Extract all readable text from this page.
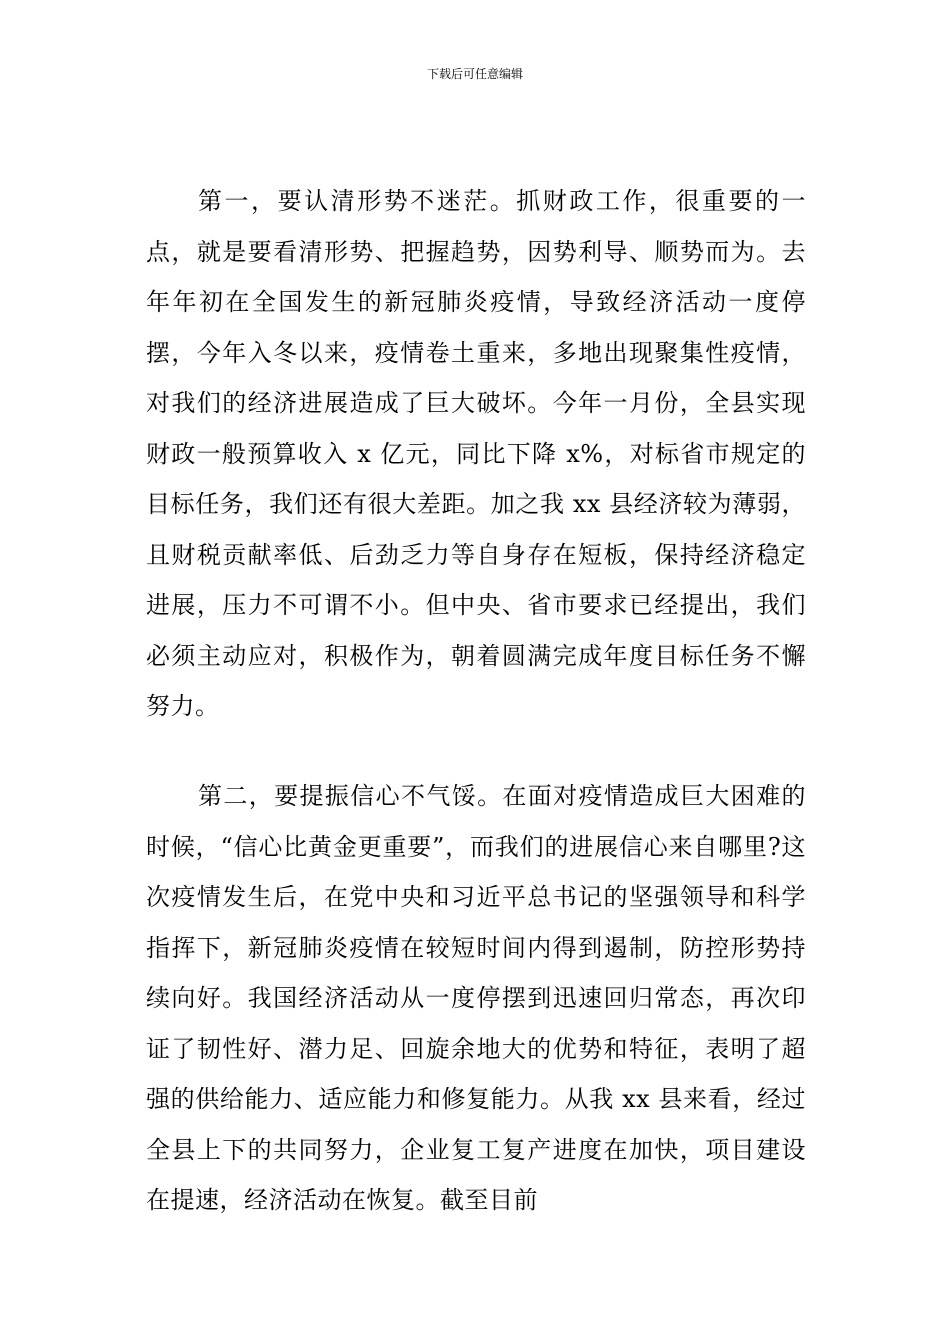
下载后可任意编辑

第一，要认清形势不迷茫。抓财政工作，很重要的一点，就是要看清形势、把握趋势，因势利导、顺势而为。去年年初在全国发生的新冠肺炎疫情，导致经济活动一度停摆，今年入冬以来，疫情卷土重来，多地出现聚集性疫情，对我们的经济进展造成了巨大破坏。今年一月份，全县实现财政一般预算收入 x 亿元，同比下降 x%，对标省市规定的目标任务，我们还有很大差距。加之我 xx 县经济较为薄弱，且财税贡献率低、后劲乏力等自身存在短板，保持经济稳定进展，压力不可谓不小。但中央、省市要求已经提出，我们必须主动应对，积极作为，朝着圆满完成年度目标任务不懈努力。

第二，要提振信心不气馁。在面对疫情造成巨大困难的时候，“信心比黄金更重要”，而我们的进展信心来自哪里?这次疫情发生后，在党中央和习近平总书记的坚强领导和科学指挥下，新冠肺炎疫情在较短时间内得到遏制，防控形势持续向好。我国经济活动从一度停摆到迅速回归常态，再次印证了韧性好、潜力足、回旋余地大的优势和特征，表明了超强的供给能力、适应能力和修复能力。从我 xx 县来看，经过全县上下的共同努力，企业复工复产进度在加快，项目建设在提速，经济活动在恢复。截至目前
